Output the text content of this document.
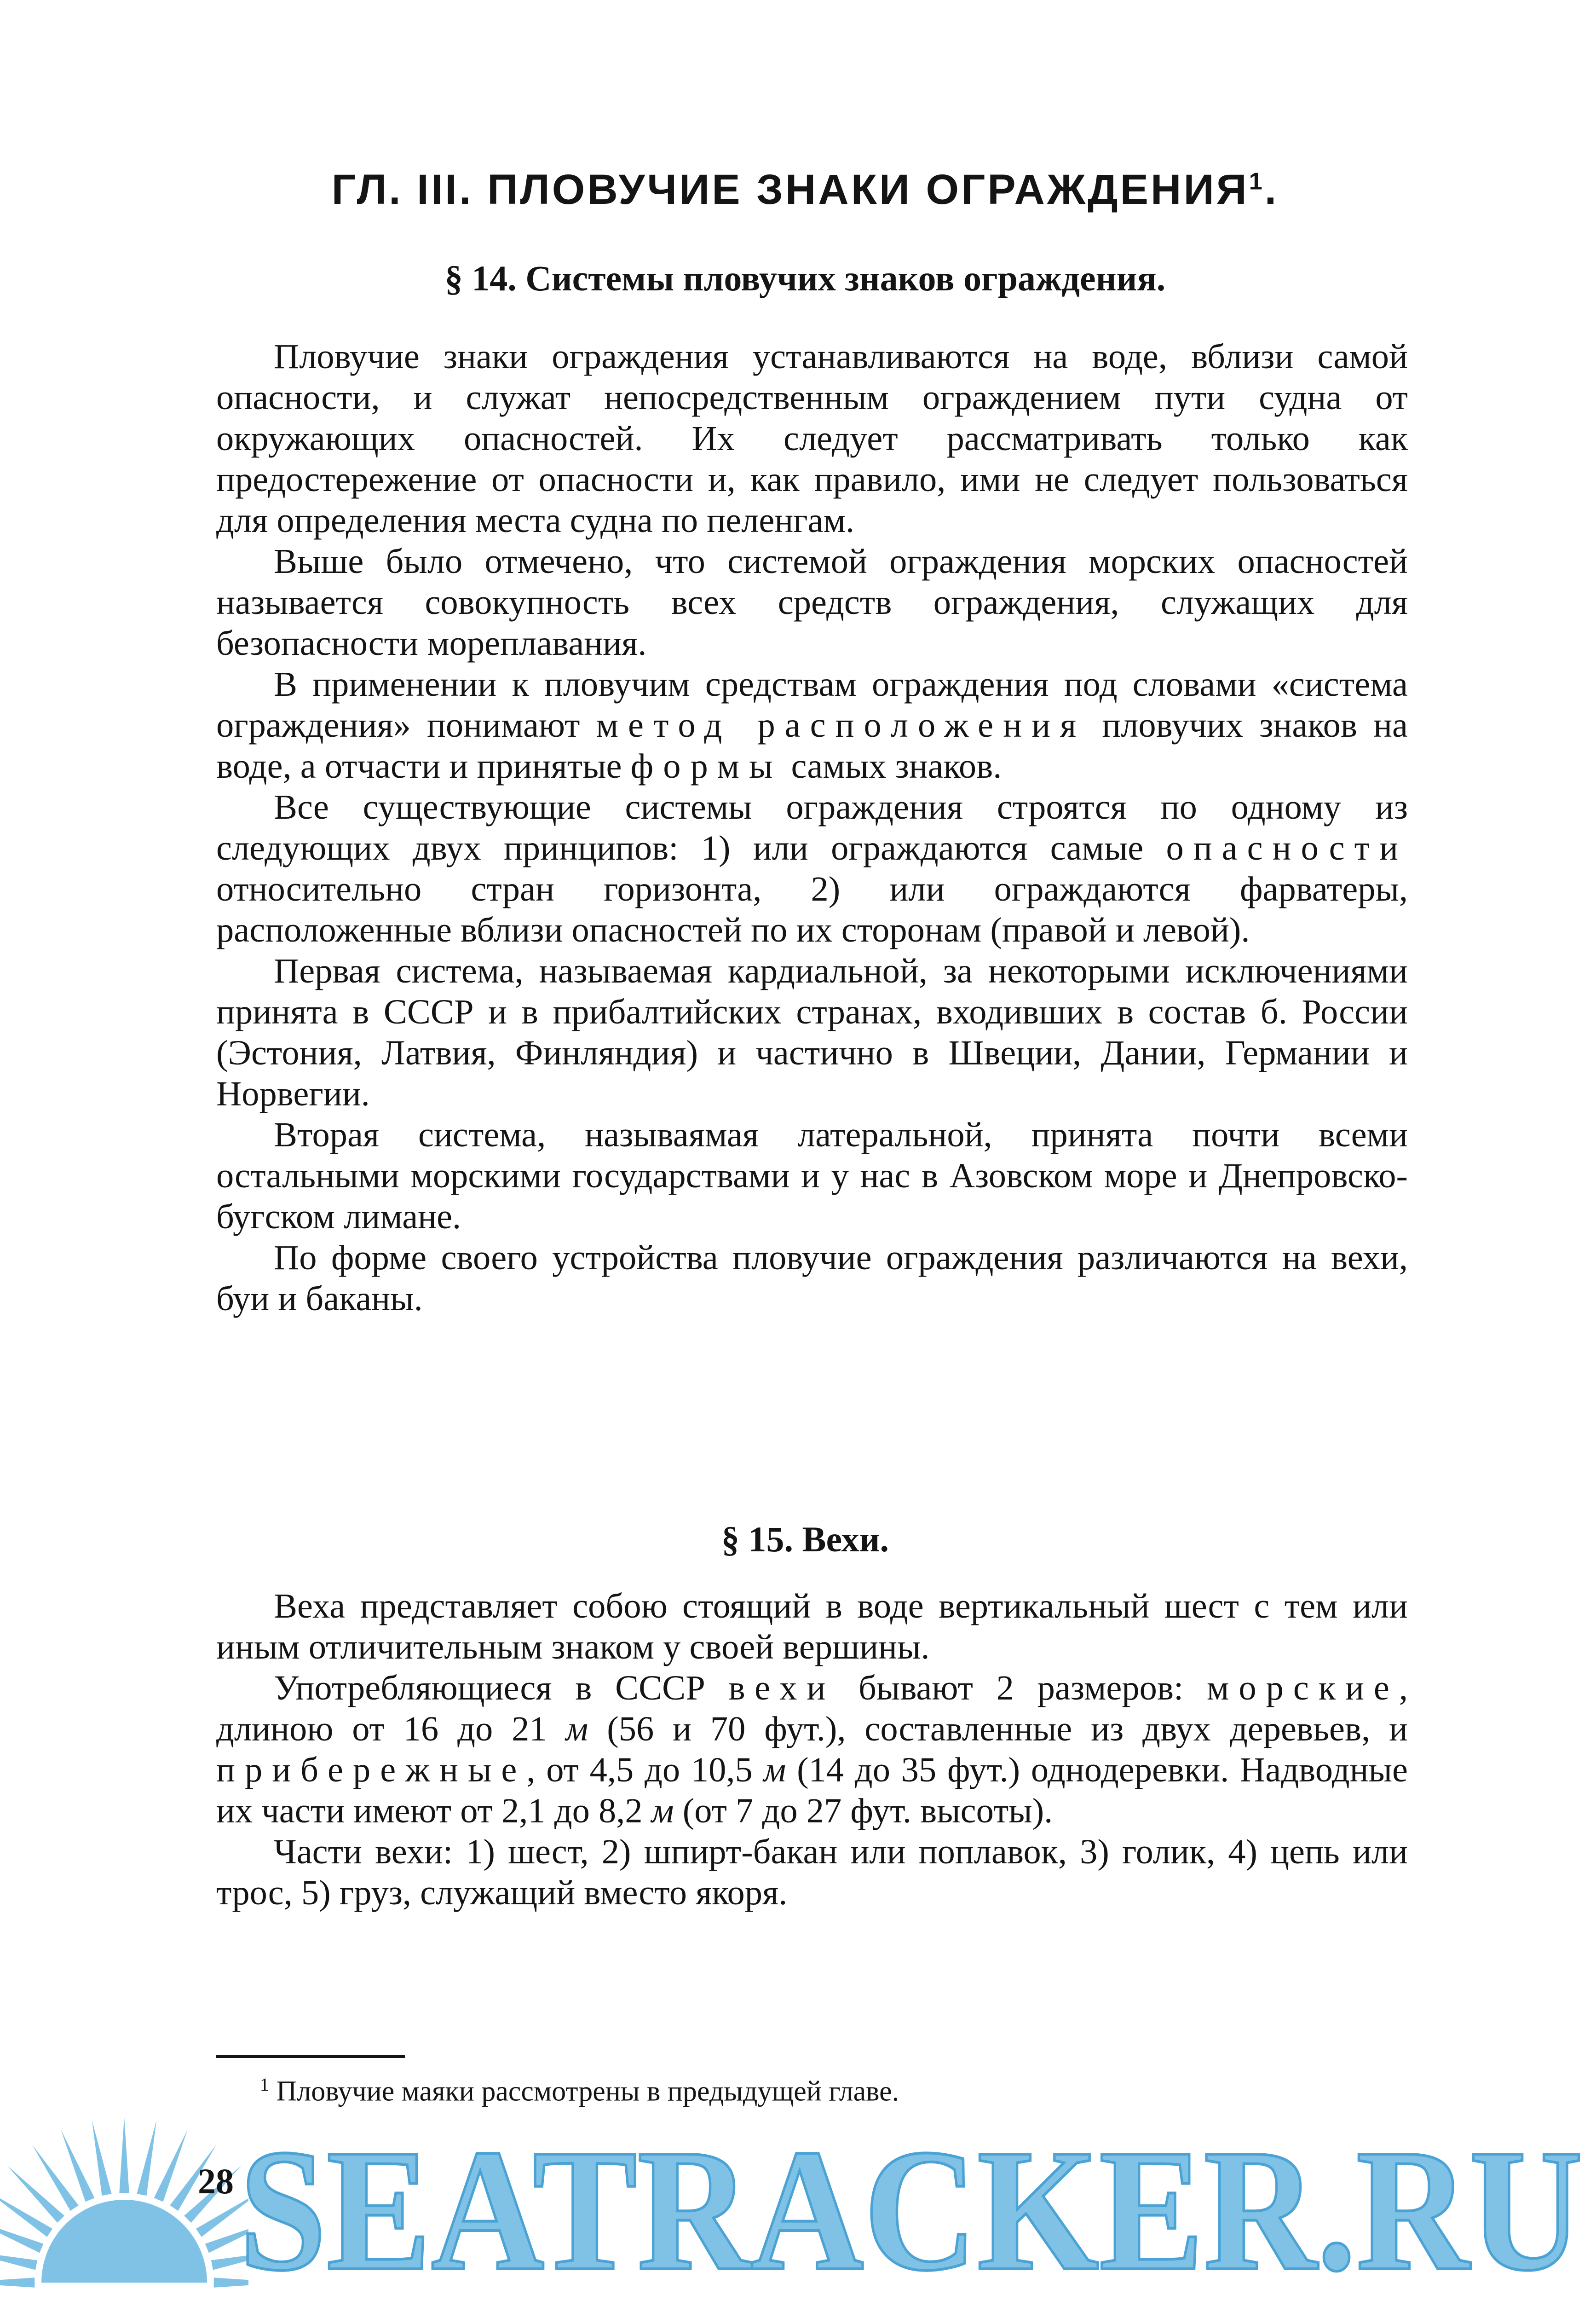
ГЛ. III. ПЛОВУЧИЕ ЗНАКИ ОГРАЖДЕНИЯ$^1$.
§ 14. Системы пловучих знаков ограждения.

Пловучие знаки ограждения устанавливаются на воде, вблизи самой опасности, и служат непосредственным ограждением пути судна от окружающих опасностей. Их следует рассматривать только как предостережение от опасности и, как правило, ими не следует пользоваться для определения места судна по пеленгам.

Выше было отмечено, что системой ограждения морских опасностей называется совокупность всех средств ограждения, служащих для безопасности мореплавания.

В применении к пловучим средствам ограждения под словами «система ограждения» понимают метод расположения пловучих знаков на воде, а отчасти и принятые формы самых знаков.

Все существующие системы ограждения строятся по одному из следующих двух принципов: 1) или ограждаются самые опасности относительно стран горизонта, 2) или ограждаются фарватеры, расположенные вблизи опасностей по их сторонам (правой и левой).

Первая система, называемая кардиальной, за некоторыми исключениями принята в СССР и в прибалтийских странах, входивших в состав б. России (Эстония, Латвия, Финляндия) и частично в Швеции, Дании, Германии и Норвегии.

Вторая система, называямая латеральной, принята почти всеми остальными морскими государствами и у нас в Азовском море и Днепровско-бугском лимане.

По форме своего устройства пловучие ограждения различаются на вехи, буи и баканы.

§ 15. Вехи.

Веха представляет собою стоящий в воде вертикальный шест с тем или иным отличительным знаком у своей вершины.

Употребляющиеся в СССР вехи бывают 2 размеров: морские, длиною от 16 до 21 м (56 и 70 фут.), составленные из двух деревьев, и прибережные, от 4,5 до 10,5 м (14 до 35 фут.) однодеревки. Надводные их части имеют от 2,1 до 8,2 м (от 7 до 27 фут. высоты).

Части вехи: 1) шест, 2) шпирт-бакан или поплавок, 3) голик, 4) цепь или трос, 5) груз, служащий вместо якоря.

$^1$ Пловучие маяки рассмотрены в предыдущей главе.

28 SEATRACKER.RU
